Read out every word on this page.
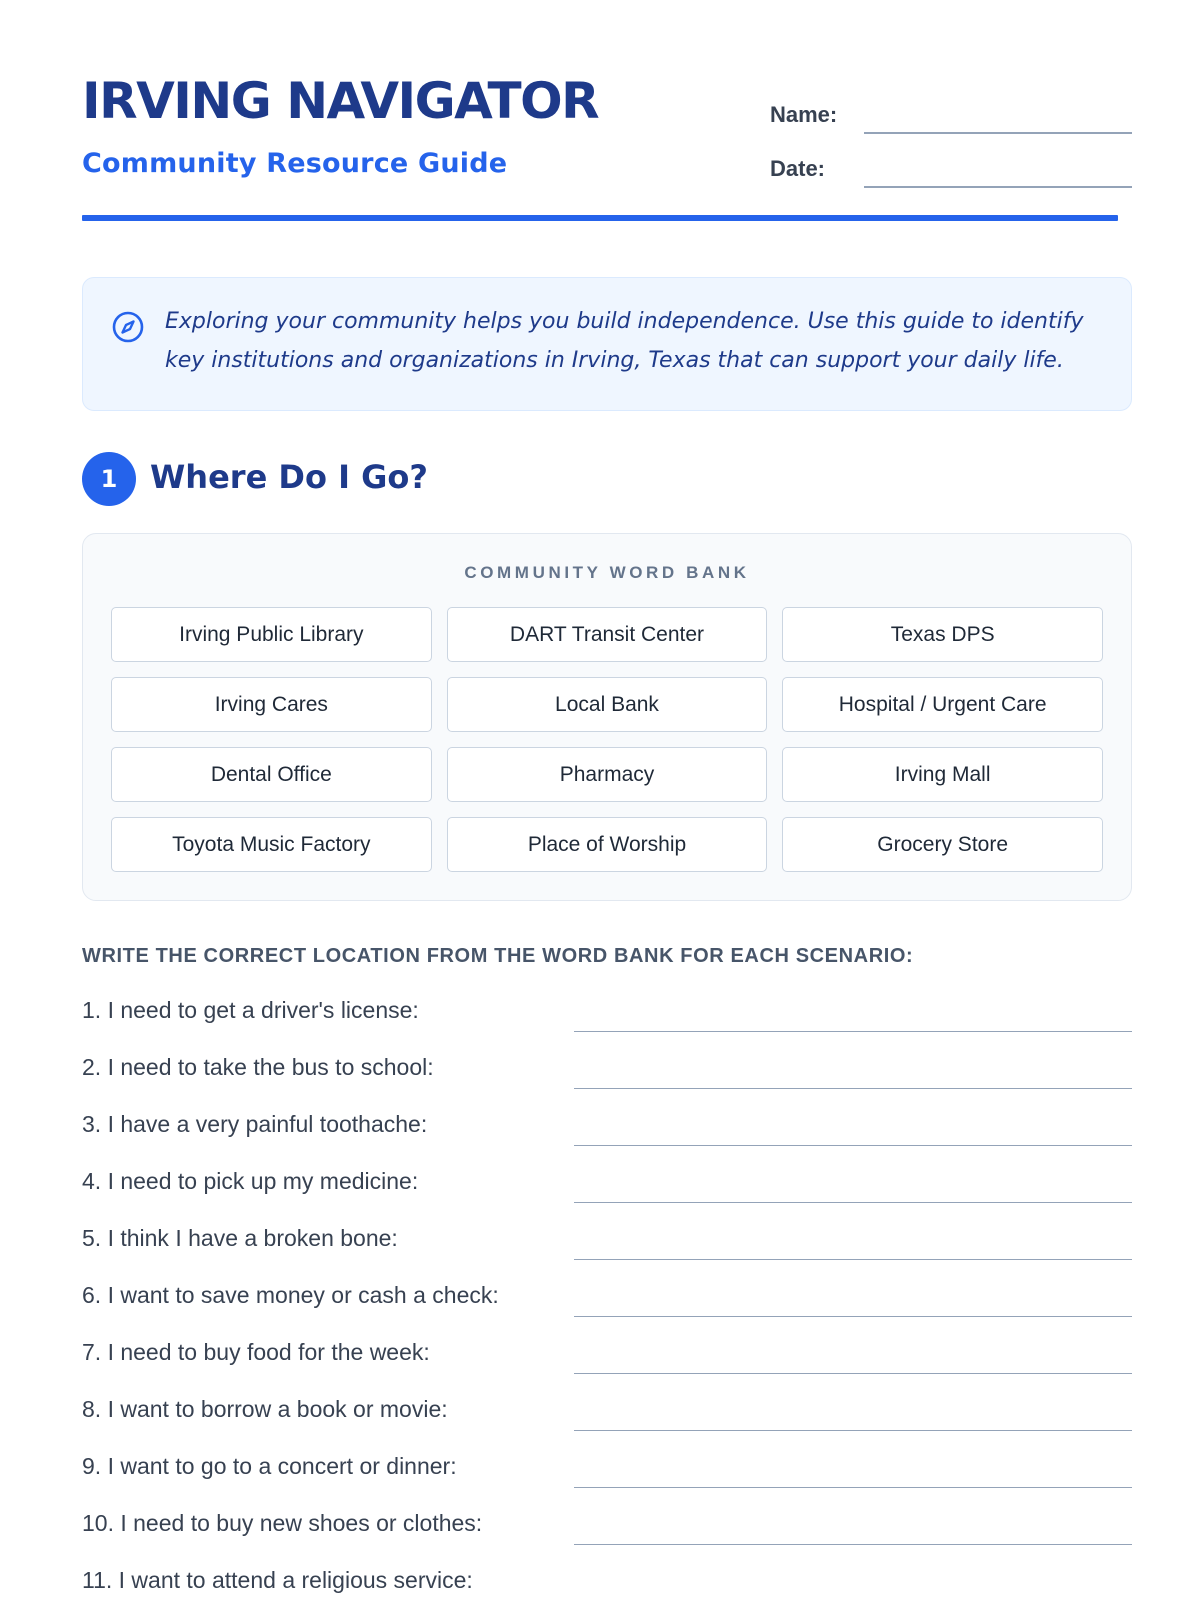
IRVING NAVIGATOR
Community Resource Guide
Name:
Date:

Exploring your community helps you build independence. Use this guide to identify key institutions and organizations in Irving, Texas that can support your daily life.

1	Where Do I Go?
COMMUNITY WORD BANK
Irving Public Library	DART Transit Center	Texas DPS
Irving Cares	Local Bank	Hospital / Urgent Care
Dental Office	Pharmacy	Irving Mall
Toyota Music Factory	Place of Worship	Grocery Store
WRITE THE CORRECT LOCATION FROM THE WORD BANK FOR EACH SCENARIO:
1. I need to get a driver's license:
2. I need to take the bus to school:
3. I have a very painful toothache:
4. I need to pick up my medicine:
5. I think I have a broken bone:
6. I want to save money or cash a check:
7. I need to buy food for the week:
8. I want to borrow a book or movie:
9. I want to go to a concert or dinner:
10. I need to buy new shoes or clothes:
11. I want to attend a religious service:
